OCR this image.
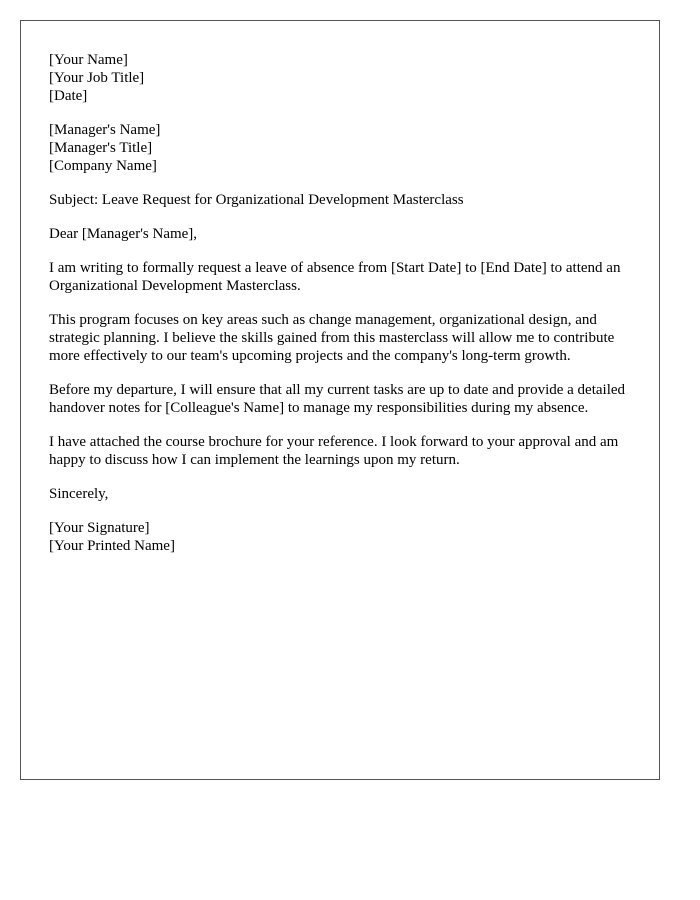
[Your Name]
[Your Job Title]
[Date]
[Manager's Name]
[Manager's Title]
[Company Name]

Subject: Leave Request for Organizational Development Masterclass

Dear [Manager's Name],

I am writing to formally request a leave of absence from [Start Date] to [End Date] to attend an Organizational Development Masterclass.

This program focuses on key areas such as change management, organizational design, and strategic planning. I believe the skills gained from this masterclass will allow me to contribute more effectively to our team's upcoming projects and the company's long-term growth.

Before my departure, I will ensure that all my current tasks are up to date and provide a detailed handover notes for [Colleague's Name] to manage my responsibilities during my absence.

I have attached the course brochure for your reference. I look forward to your approval and am happy to discuss how I can implement the learnings upon my return.

Sincerely,

[Your Signature]
[Your Printed Name]
